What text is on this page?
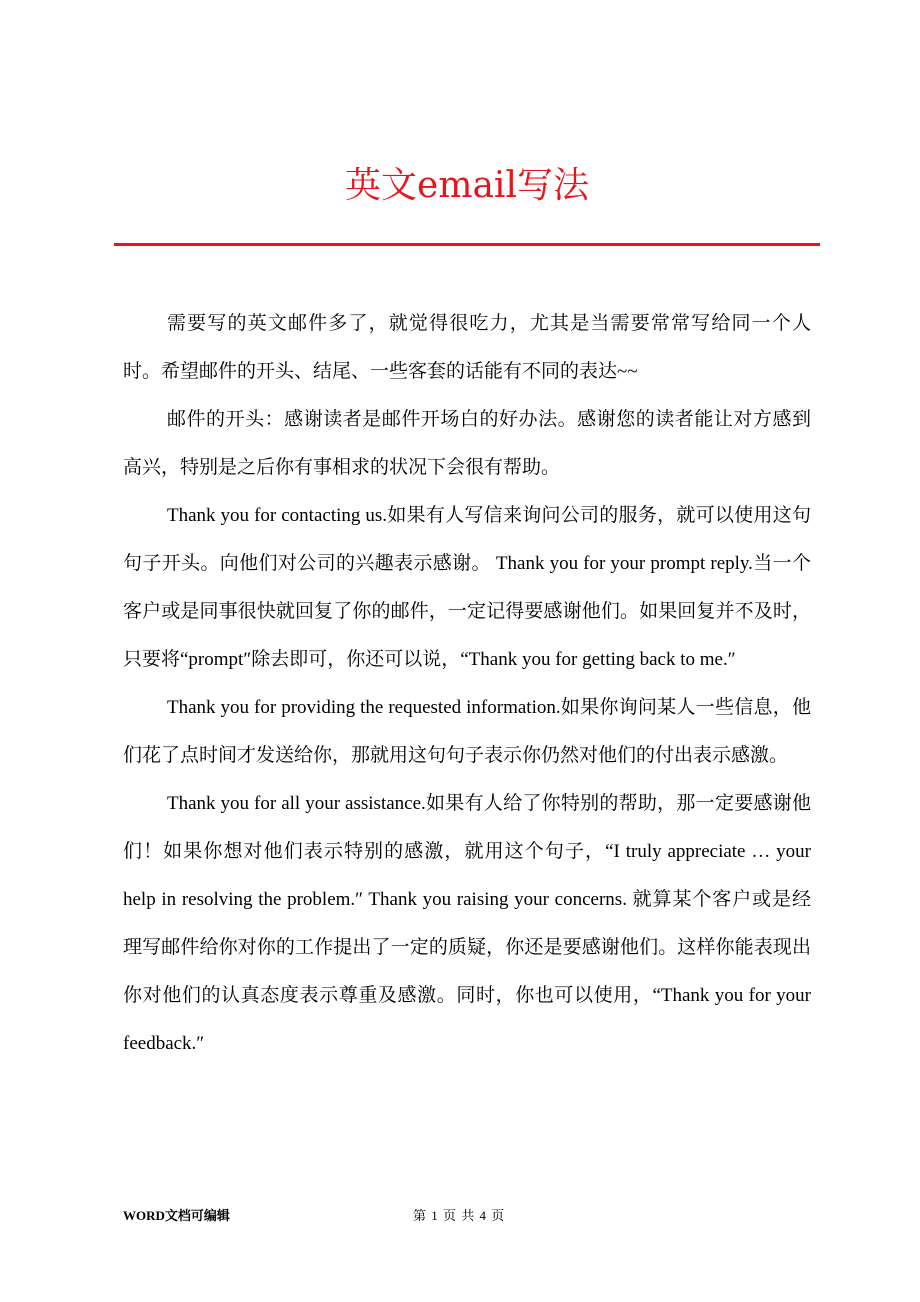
英文email写法

需要写的英文邮件多了，就觉得很吃力，尤其是当需要常常写给同一个人时。希望邮件的开头、结尾、一些客套的话能有不同的表达~~

邮件的开头：感谢读者是邮件开场白的好办法。感谢您的读者能让对方感到高兴，特别是之后你有事相求的状况下会很有帮助。

Thank you for contacting us.如果有人写信来询问公司的服务，就可以使用这句句子开头。向他们对公司的兴趣表示感谢。 Thank you for your prompt reply.当一个客户或是同事很快就回复了你的邮件，一定记得要感谢他们。如果回复并不及时，只要将“prompt″除去即可，你还可以说，“Thank you for getting back to me.″

Thank you for providing the requested information.如果你询问某人一些信息，他们花了点时间才发送给你，那就用这句句子表示你仍然对他们的付出表示感激。

Thank you for all your assistance.如果有人给了你特别的帮助，那一定要感谢他们！如果你想对他们表示特别的感激，就用这个句子，“I truly appreciate … your help in resolving the problem.″ Thank you raising your concerns. 就算某个客户或是经理写邮件给你对你的工作提出了一定的质疑，你还是要感谢他们。这样你能表现出你对他们的认真态度表示尊重及感激。同时，你也可以使用，“Thank you for your feedback.″

WORD文档可编辑	第 1 页 共 4 页
